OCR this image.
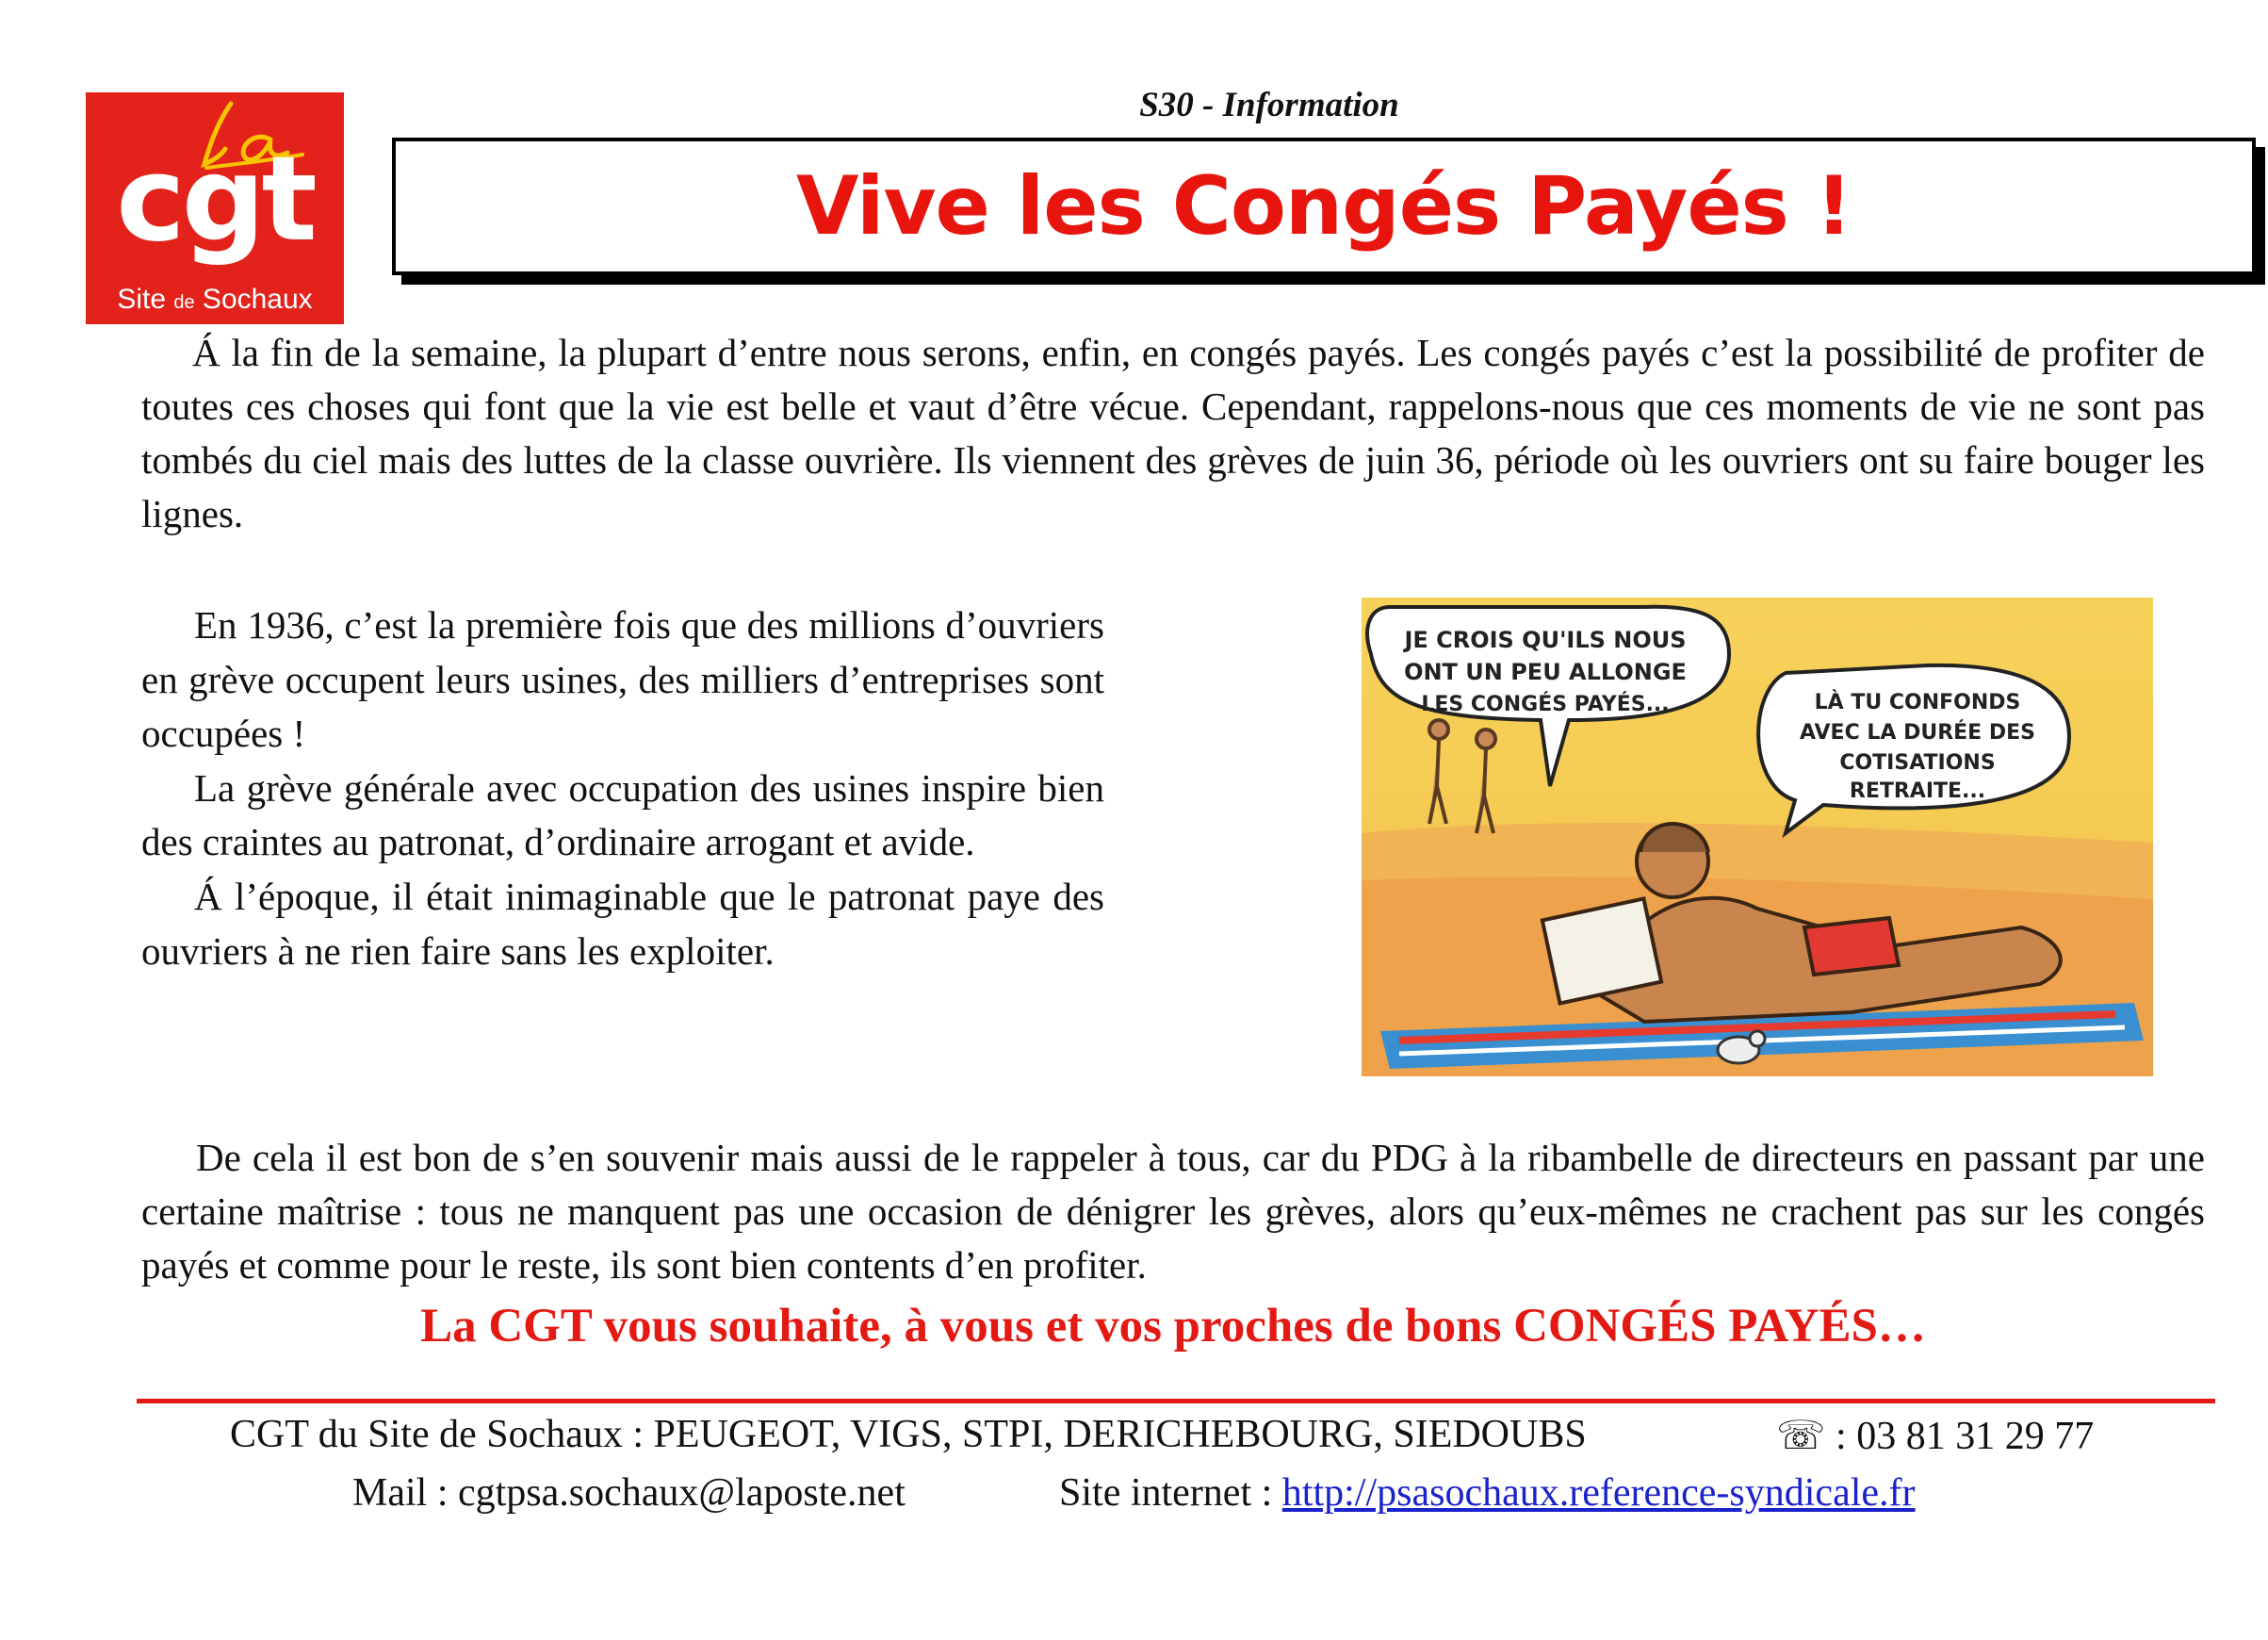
cgt
Site de Sochaux
S30 - Information
Vive les Congés Payés !

Á la fin de la semaine, la plupart d’entre nous serons, enfin, en congés payés. Les congés payés c’est la possibilité de profiter de toutes ces choses qui font que la vie est belle et vaut d’être vécue. Cependant, rappelons-nous que ces moments de vie ne sont pas tombés du ciel mais des luttes de la classe ouvrière. Ils viennent des grèves de juin 36, période où les ouvriers ont su faire bouger les lignes.

En 1936, c’est la première fois que des millions d’ouvriers en grève occupent leurs usines, des milliers d’entreprises sont occupées !

La grève générale avec occupation des usines inspire bien des craintes au patronat, d’ordinaire arrogant et avide.

Á l’époque, il était inimaginable que le patronat paye des ouvriers à ne rien faire sans les exploiter.

JE CROIS QU'ILS NOUS
ONT UN PEU ALLONGE
LES CONGÉS PAYÉS...	LÀ TU CONFONDS
AVEC LA DURÉE DES
COTISATIONS
RETRAITE...

De cela il est bon de s’en souvenir mais aussi de le rappeler à tous, car du PDG à la ribambelle de directeurs en passant par une certaine maîtrise : tous ne manquent pas une occasion de dénigrer les grèves, alors qu’eux-mêmes ne crachent pas sur les congés payés et comme pour le reste, ils sont bien contents d’en profiter.

La CGT vous souhaite, à vous et vos proches de bons CONGÉS PAYÉS…
CGT du Site de Sochaux : PEUGEOT, VIGS, STPI, DERICHEBOURG, SIEDOUBS	☏ : 03 81 31 29 77
Mail : cgtpsa.sochaux@laposte.net	Site internet : http://psasochaux.reference-syndicale.fr
